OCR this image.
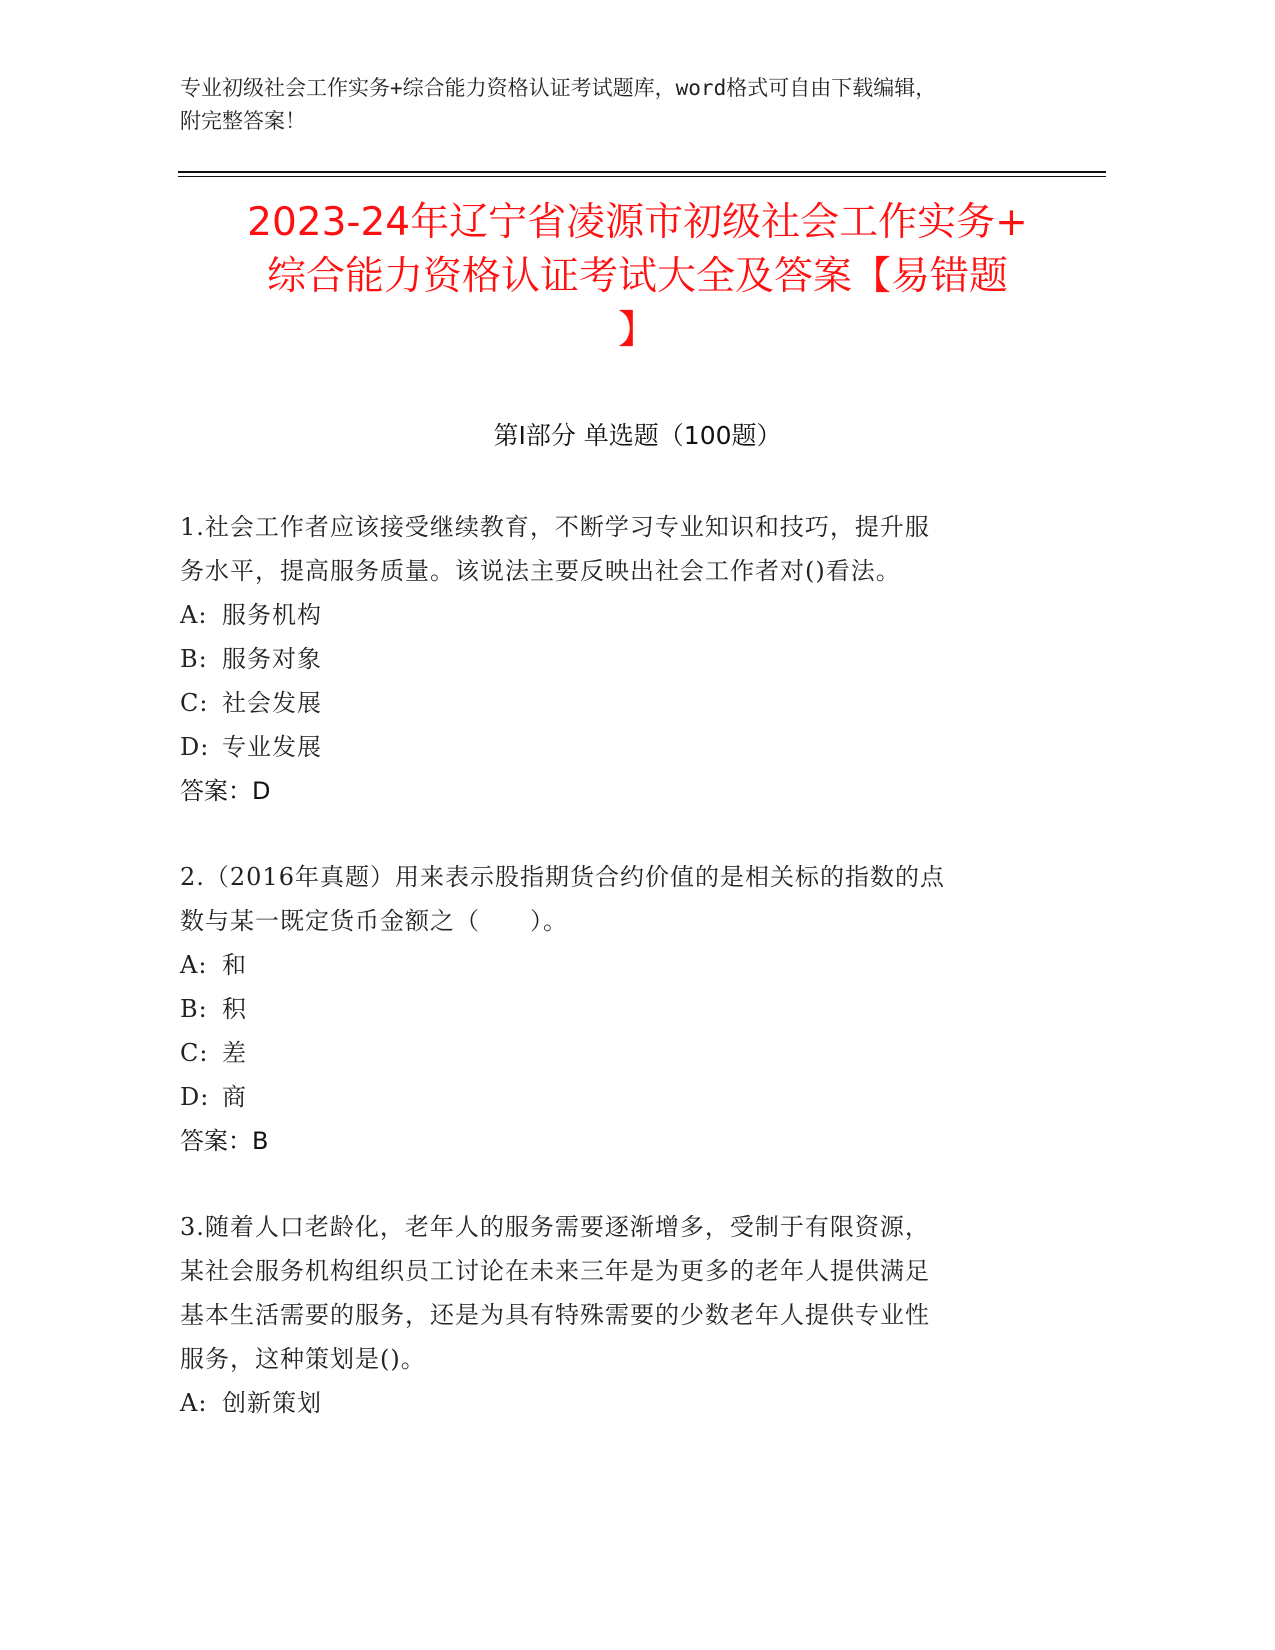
专业初级社会工作实务+综合能力资格认证考试题库，word格式可自由下载编辑，
附完整答案！
2023-24年辽宁省凌源市初级社会工作实务+
综合能力资格认证考试大全及答案【易错题
】
第Ⅰ部分 单选题（100题）
1.社会工作者应该接受继续教育，不断学习专业知识和技巧，提升服
务水平，提高服务质量。该说法主要反映出社会工作者对()看法。
A: 服务机构
B: 服务对象
C: 社会发展
D: 专业发展
答案：D
2.（2016年真题）用来表示股指期货合约价值的是相关标的指数的点
数与某一既定货币金额之（　　）。
A: 和
B: 积
C: 差
D: 商
答案：B
3.随着人口老龄化，老年人的服务需要逐渐增多，受制于有限资源，
某社会服务机构组织员工讨论在未来三年是为更多的老年人提供满足
基本生活需要的服务，还是为具有特殊需要的少数老年人提供专业性
服务，这种策划是()。
A: 创新策划
